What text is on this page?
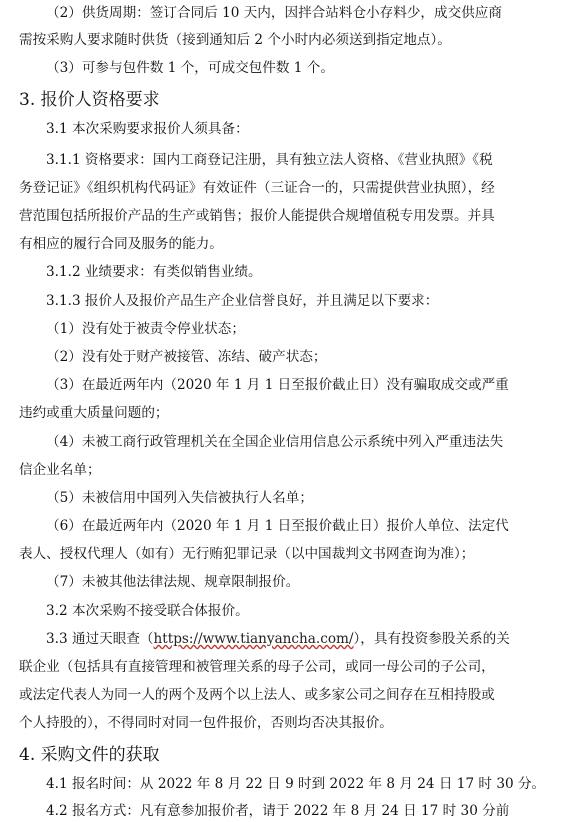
（2）供货周期：签订合同后 10 天内，因拌合站料仓小存料少，成交供应商
需按采购人要求随时供货（接到通知后 2 个小时内必须送到指定地点）。
（3）可参与包件数 1 个，可成交包件数 1 个。
3. 报价人资格要求
3.1 本次采购要求报价人须具备：
3.1.1 资格要求：国内工商登记注册，具有独立法人资格、《营业执照》《税
务登记证》《组织机构代码证》有效证件（三证合一的，只需提供营业执照），经
营范围包括所报价产品的生产或销售；报价人能提供合规增值税专用发票。并具
有相应的履行合同及服务的能力。
3.1.2 业绩要求：有类似销售业绩。
3.1.3 报价人及报价产品生产企业信誉良好，并且满足以下要求：
（1）没有处于被责令停业状态；
（2）没有处于财产被接管、冻结、破产状态；
（3）在最近两年内（2020 年 1 月 1 日至报价截止日）没有骗取成交或严重
违约或重大质量问题的；
（4）未被工商行政管理机关在全国企业信用信息公示系统中列入严重违法失
信企业名单；
（5）未被信用中国列入失信被执行人名单；
（6）在最近两年内（2020 年 1 月 1 日至报价截止日）报价人单位、法定代
表人、授权代理人（如有）无行贿犯罪记录（以中国裁判文书网查询为准）；
（7）未被其他法律法规、规章限制报价。
3.2 本次采购不接受联合体报价。
3.3 通过天眼查（https://www.tianyancha.com/），具有投资参股关系的关
联企业（包括具有直接管理和被管理关系的母子公司，或同一母公司的子公司，
或法定代表人为同一人的两个及两个以上法人、或多家公司之间存在互相持股或
个人持股的），不得同时对同一包件报价，否则均否决其报价。
4. 采购文件的获取
4.1 报名时间：从 2022 年 8 月 22 日 9 时到 2022 年 8 月 24 日 17 时 30 分。
4.2 报名方式：凡有意参加报价者，请于 2022 年 8 月 24 日 17 时 30 分前
